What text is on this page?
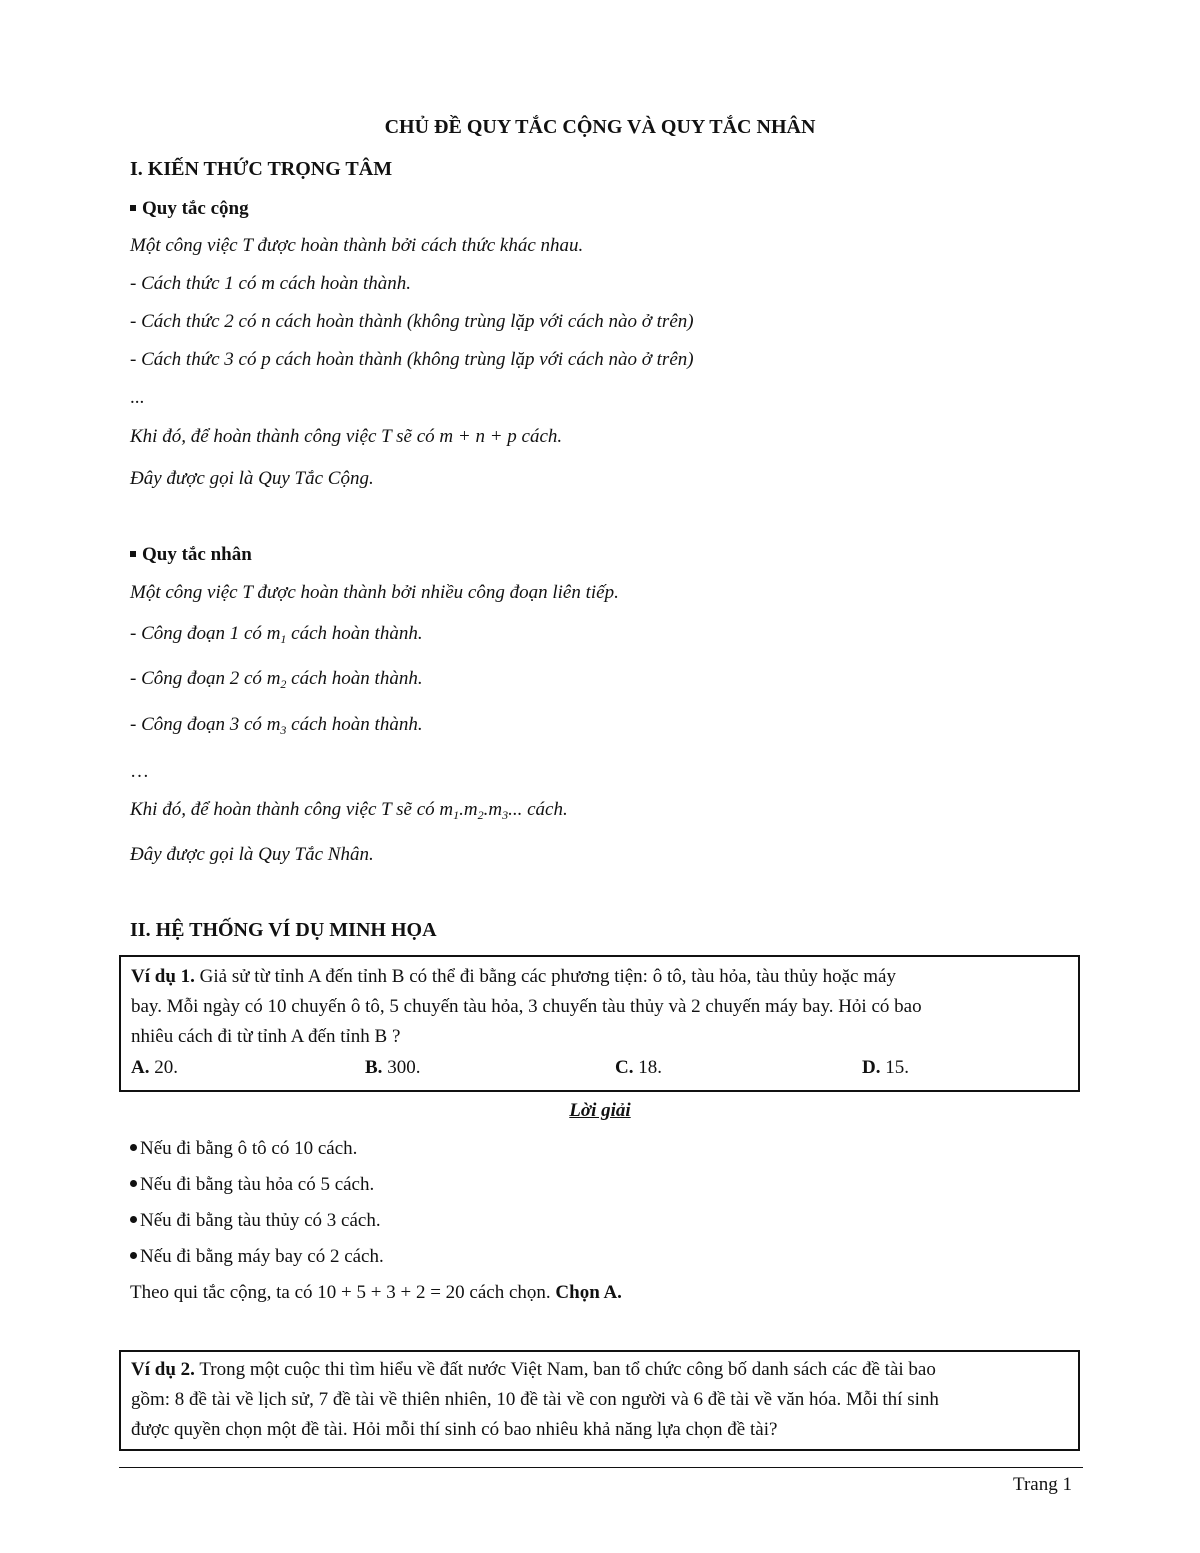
CHỦ ĐỀ QUY TẮC CỘNG VÀ QUY TẮC NHÂN
I. KIẾN THỨC TRỌNG TÂM
Quy tắc cộng
Một công việc T được hoàn thành bởi cách thức khác nhau.
- Cách thức 1 có m cách hoàn thành.
- Cách thức 2 có n cách hoàn thành (không trùng lặp với cách nào ở trên)
- Cách thức 3 có p cách hoàn thành (không trùng lặp với cách nào ở trên)
...
Khi đó, để hoàn thành công việc T sẽ có m + n + p cách.
Đây được gọi là Quy Tắc Cộng.
Quy tắc nhân
Một công việc T được hoàn thành bởi nhiều công đoạn liên tiếp.
- Công đoạn 1 có $m_1$ cách hoàn thành.
- Công đoạn 2 có $m_2$ cách hoàn thành.
- Công đoạn 3 có $m_3$ cách hoàn thành.
…
Khi đó, để hoàn thành công việc T sẽ có $m_1.m_2.m_3$... cách.
Đây được gọi là Quy Tắc Nhân.
II. HỆ THỐNG VÍ DỤ MINH HỌA
Ví dụ 1. Giả sử từ tỉnh A đến tỉnh B có thể đi bằng các phương tiện: ô tô, tàu hỏa, tàu thủy hoặc máy
bay. Mỗi ngày có 10 chuyến ô tô, 5 chuyến tàu hỏa, 3 chuyến tàu thủy và 2 chuyến máy bay. Hỏi có bao
nhiêu cách đi từ tỉnh A đến tỉnh B ?
A. 20.	B. 300.	C. 18.	D. 15.
Lời giải
Nếu đi bằng ô tô có 10 cách.
Nếu đi bằng tàu hỏa có 5 cách.
Nếu đi bằng tàu thủy có 3 cách.
Nếu đi bằng máy bay có 2 cách.
Theo qui tắc cộng, ta có 10 + 5 + 3 + 2 = 20 cách chọn. Chọn A.
Ví dụ 2. Trong một cuộc thi tìm hiểu về đất nước Việt Nam, ban tổ chức công bố danh sách các đề tài bao
gồm: 8 đề tài về lịch sử, 7 đề tài về thiên nhiên, 10 đề tài về con người và 6 đề tài về văn hóa. Mỗi thí sinh
được quyền chọn một đề tài. Hỏi mỗi thí sinh có bao nhiêu khả năng lựa chọn đề tài?
Trang 1
